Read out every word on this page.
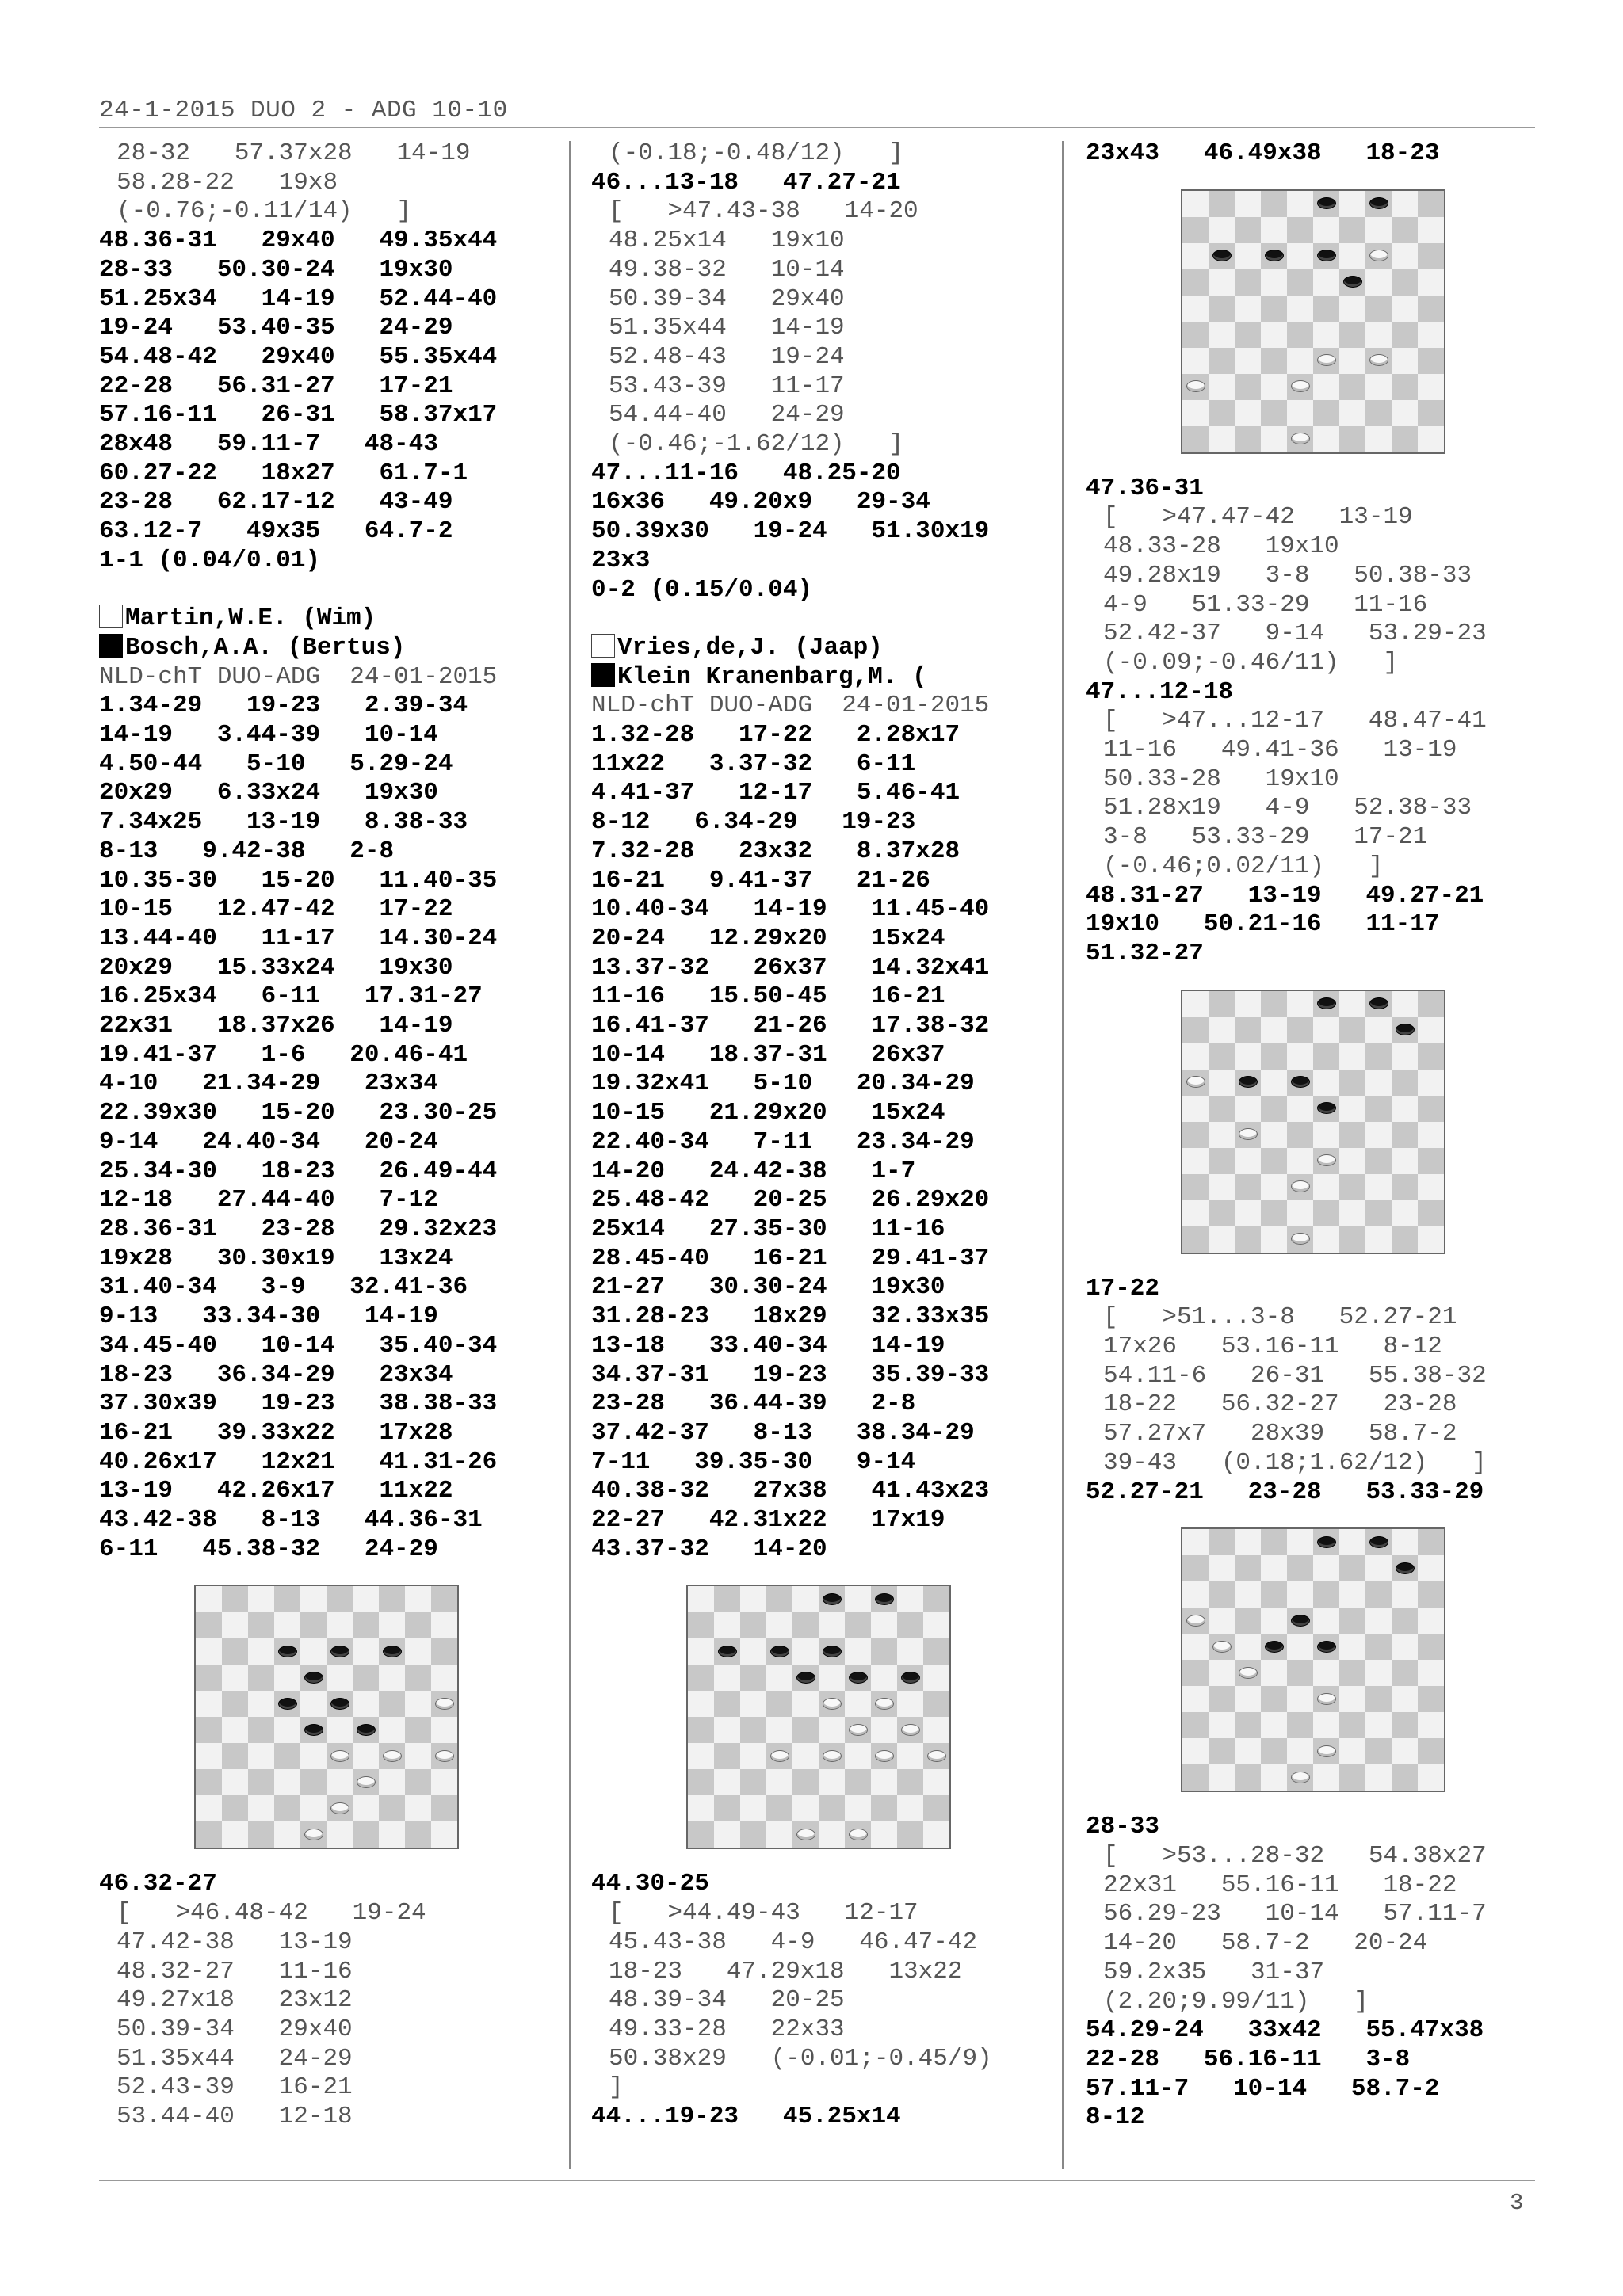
24-1-2015 DUO 2 - ADG 10-10

28-32   57.37x28   14-19

58.28-22   19x8

(-0.76;-0.11/14)   ]

48.36-31   29x40   49.35x44

28-33   50.30-24   19x30

51.25x34   14-19   52.44-40

19-24   53.40-35   24-29

54.48-42   29x40   55.35x44

22-28   56.31-27   17-21

57.16-11   26-31   58.37x17

28x48   59.11-7   48-43

60.27-22   18x27   61.7-1

23-28   62.17-12   43-49

63.12-7   49x35   64.7-2

1-1 (0.04/0.01)

Martin,W.E. (Wim)

Bosch,A.A. (Bertus)

NLD-chT DUO-ADG  24-01-2015

1.34-29   19-23   2.39-34

14-19   3.44-39   10-14

4.50-44   5-10   5.29-24

20x29   6.33x24   19x30

7.34x25   13-19   8.38-33

8-13   9.42-38   2-8

10.35-30   15-20   11.40-35

10-15   12.47-42   17-22

13.44-40   11-17   14.30-24

20x29   15.33x24   19x30

16.25x34   6-11   17.31-27

22x31   18.37x26   14-19

19.41-37   1-6   20.46-41

4-10   21.34-29   23x34

22.39x30   15-20   23.30-25

9-14   24.40-34   20-24

25.34-30   18-23   26.49-44

12-18   27.44-40   7-12

28.36-31   23-28   29.32x23

19x28   30.30x19   13x24

31.40-34   3-9   32.41-36

9-13   33.34-30   14-19

34.45-40   10-14   35.40-34

18-23   36.34-29   23x34

37.30x39   19-23   38.38-33

16-21   39.33x22   17x28

40.26x17   12x21   41.31-26

13-19   42.26x17   11x22

43.42-38   8-13   44.36-31

6-11   45.38-32   24-29

46.32-27

[   >46.48-42   19-24

47.42-38   13-19

48.32-27   11-16

49.27x18   23x12

50.39-34   29x40

51.35x44   24-29

52.43-39   16-21

53.44-40   12-18

(-0.18;-0.48/12)   ]

46...13-18   47.27-21

[   >47.43-38   14-20

48.25x14   19x10

49.38-32   10-14

50.39-34   29x40

51.35x44   14-19

52.48-43   19-24

53.43-39   11-17

54.44-40   24-29

(-0.46;-1.62/12)   ]

47...11-16   48.25-20

16x36   49.20x9   29-34

50.39x30   19-24   51.30x19

23x3

0-2 (0.15/0.04)

Vries,de,J. (Jaap)

Klein Kranenbarg,M. (

NLD-chT DUO-ADG  24-01-2015

1.32-28   17-22   2.28x17

11x22   3.37-32   6-11

4.41-37   12-17   5.46-41

8-12   6.34-29   19-23

7.32-28   23x32   8.37x28

16-21   9.41-37   21-26

10.40-34   14-19   11.45-40

20-24   12.29x20   15x24

13.37-32   26x37   14.32x41

11-16   15.50-45   16-21

16.41-37   21-26   17.38-32

10-14   18.37-31   26x37

19.32x41   5-10   20.34-29

10-15   21.29x20   15x24

22.40-34   7-11   23.34-29

14-20   24.42-38   1-7

25.48-42   20-25   26.29x20

25x14   27.35-30   11-16

28.45-40   16-21   29.41-37

21-27   30.30-24   19x30

31.28-23   18x29   32.33x35

13-18   33.40-34   14-19

34.37-31   19-23   35.39-33

23-28   36.44-39   2-8

37.42-37   8-13   38.34-29

7-11   39.35-30   9-14

40.38-32   27x38   41.43x23

22-27   42.31x22   17x19

43.37-32   14-20

44.30-25

[   >44.49-43   12-17

45.43-38   4-9   46.47-42

18-23   47.29x18   13x22

48.39-34   20-25

49.33-28   22x33

50.38x29   (-0.01;-0.45/9)

]

44...19-23   45.25x14

23x43   46.49x38   18-23

47.36-31

[   >47.47-42   13-19

48.33-28   19x10

49.28x19   3-8   50.38-33

4-9   51.33-29   11-16

52.42-37   9-14   53.29-23

(-0.09;-0.46/11)   ]

47...12-18

[   >47...12-17   48.47-41

11-16   49.41-36   13-19

50.33-28   19x10

51.28x19   4-9   52.38-33

3-8   53.33-29   17-21

(-0.46;0.02/11)   ]

48.31-27   13-19   49.27-21

19x10   50.21-16   11-17

51.32-27

17-22

[   >51...3-8   52.27-21

17x26   53.16-11   8-12

54.11-6   26-31   55.38-32

18-22   56.32-27   23-28

57.27x7   28x39   58.7-2

39-43   (0.18;1.62/12)   ]

52.27-21   23-28   53.33-29

28-33

[   >53...28-32   54.38x27

22x31   55.16-11   18-22

56.29-23   10-14   57.11-7

14-20   58.7-2   20-24

59.2x35   31-37

(2.20;9.99/11)   ]

54.29-24   33x42   55.47x38

22-28   56.16-11   3-8

57.11-7   10-14   58.7-2

8-12

3
